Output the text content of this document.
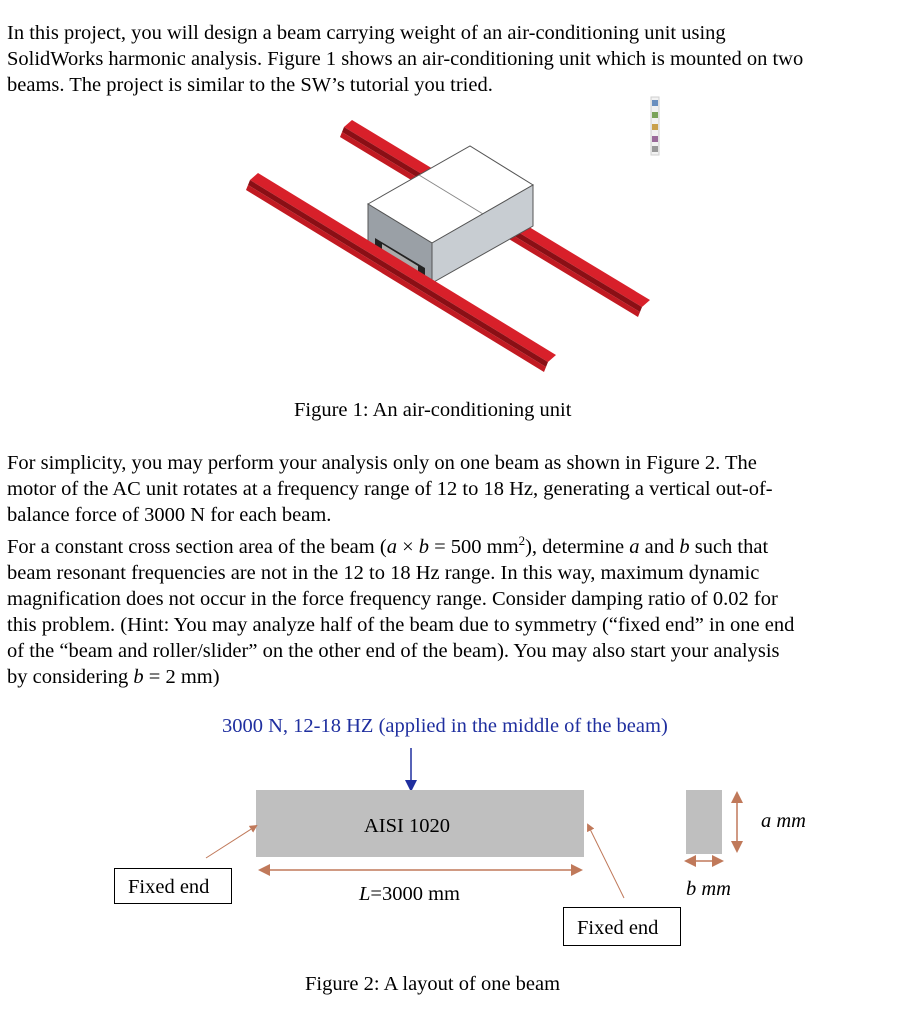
In this project, you will design a beam carrying weight of an air-conditioning unit using
SolidWorks harmonic analysis. Figure 1 shows an air-conditioning unit which is mounted on two
beams. The project is similar to the SW’s tutorial you tried.
Figure 1: An air-conditioning unit
For simplicity, you may perform your analysis only on one beam as shown in Figure 2. The
motor of the AC unit rotates at a frequency range of 12 to 18 Hz, generating a vertical out-of-
balance force of 3000 N for each beam.
For a constant cross section area of the beam (a × b = 500 $mm^2$), determine a and b such that
beam resonant frequencies are not in the 12 to 18 Hz range. In this way, maximum dynamic
magnification does not occur in the force frequency range. Consider damping ratio of 0.02 for
this problem. (Hint: You may analyze half of the beam due to symmetry (“fixed end” in one end
of the “beam and roller/slider” on the other end of the beam). You may also start your analysis
by considering b = 2 mm)
3000 N, 12-18 HZ (applied in the middle of the beam)
AISI 1020
L=3000 mm
a mm
b mm
Fixed end
Fixed end
Figure 2: A layout of one beam
